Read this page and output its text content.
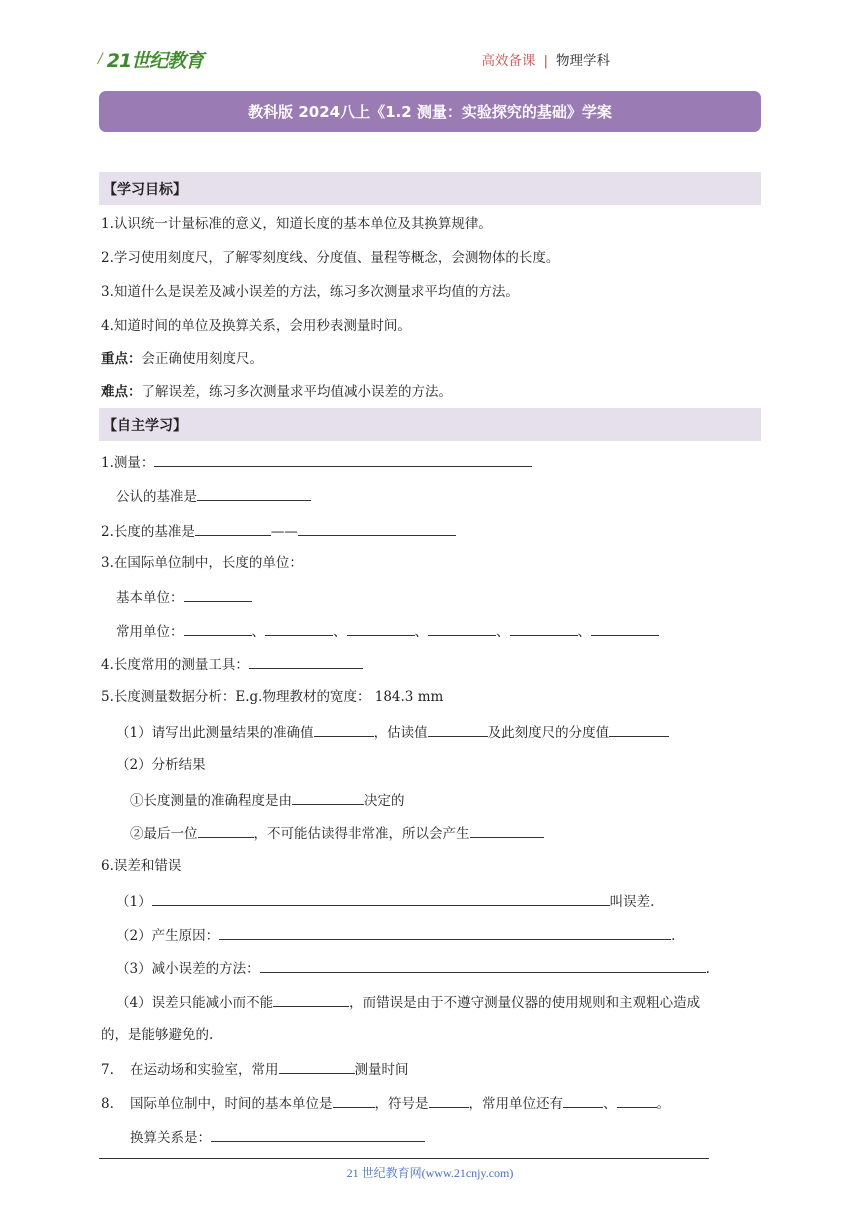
/ 21世纪教育	高效备课 | 物理学科
教科版 2024八上《1.2 测量：实验探究的基础》学案
【学习目标】
1.认识统一计量标准的意义，知道长度的基本单位及其换算规律。
2.学习使用刻度尺，了解零刻度线、分度值、量程等概念，会测物体的长度。
3.知道什么是误差及减小误差的方法，练习多次测量求平均值的方法。
4.知道时间的单位及换算关系，会用秒表测量时间。
重点：会正确使用刻度尺。
难点：了解误差，练习多次测量求平均值减小误差的方法。
【自主学习】
1.测量：
公认的基准是
2.长度的基准是	——
3.在国际单位制中，长度的单位：
基本单位：
常用单位：	、	、	、	、	、
4.长度常用的测量工具：
5.长度测量数据分析：E.g.物理教材的宽度： 184.3 mm
（1）请写出此测量结果的准确值	，估读值	及此刻度尺的分度值
（2）分析结果
①长度测量的准确程度是由	决定的
②最后一位	，不可能估读得非常准，所以会产生
6.误差和错误
（1）	叫误差.
（2）产生原因：	.
（3）减小误差的方法：	.
（4）误差只能减小而不能	，而错误是由于不遵守测量仪器的使用规则和主观粗心造成
的，是能够避免的.
7. 在运动场和实验室，常用	测量时间
8. 国际单位制中，时间的基本单位是	，符号是	，常用单位还有	、	。
换算关系是：
21 世纪教育网(www.21cnjy.com)
